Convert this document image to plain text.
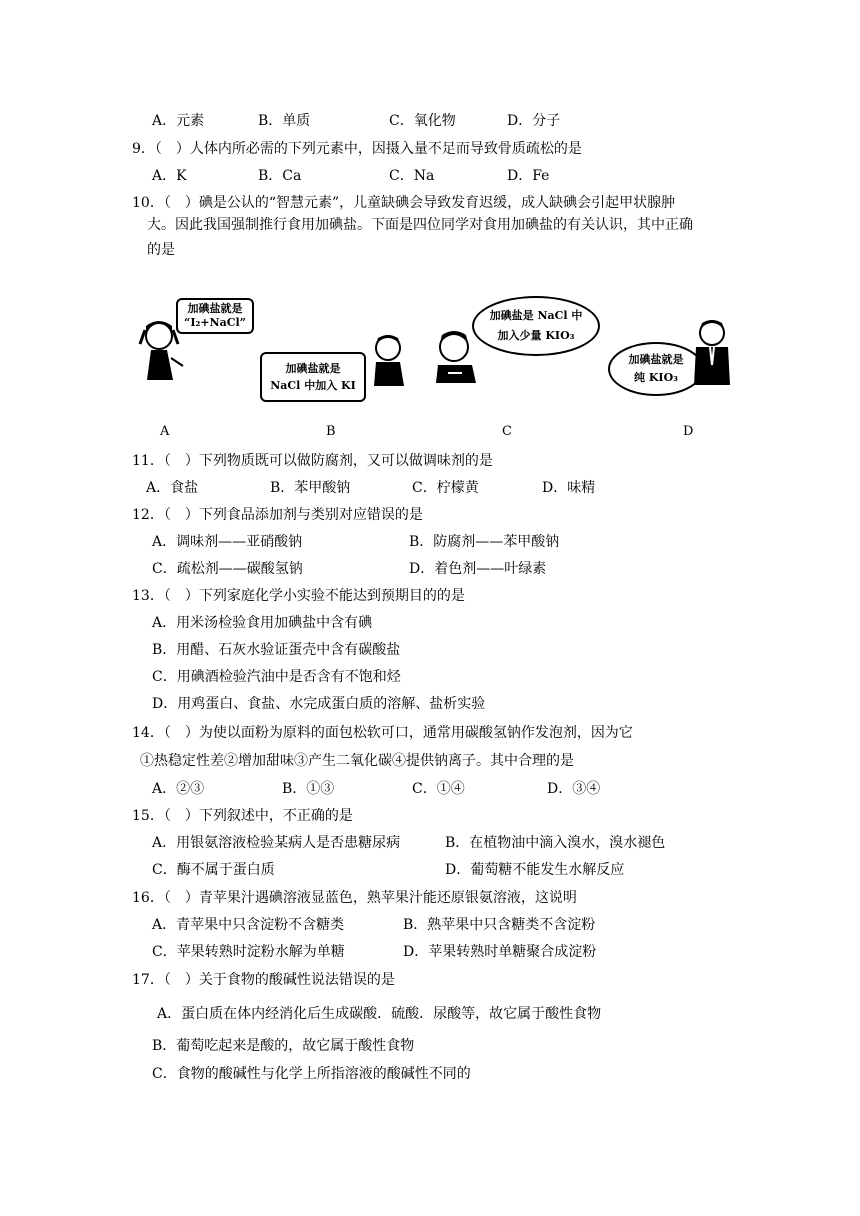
A．元素	B．单质	C．氧化物	D．分子
9．（　）人体内所必需的下列元素中，因摄入量不足而导致骨质疏松的是
A．K	B．Ca	C．Na	D．Fe
10．（　）碘是公认的“智慧元素”，儿童缺碘会导致发育迟缓，成人缺碘会引起甲状腺肿
大。因此我国强制推行食用加碘盐。下面是四位同学对食用加碘盐的有关认识，其中正确
的是
加碘盐就是
“I₂+NaCl”
加碘盐就是
NaCl 中加入 KI
加碘盐是 NaCl 中
加入少量 KIO₃
加碘盐就是
纯 KIO₃
A	B	C	D
11．（　）下列物质既可以做防腐剂，又可以做调味剂的是
A．食盐	B．苯甲酸钠	C．柠檬黄	D．味精
12．（　）下列食品添加剂与类别对应错误的是
A．调味剂——亚硝酸钠	B．防腐剂——苯甲酸钠
C．疏松剂——碳酸氢钠	D．着色剂——叶绿素
13．（　）下列家庭化学小实验不能达到预期目的的是
A．用米汤检验食用加碘盐中含有碘
B．用醋、石灰水验证蛋壳中含有碳酸盐
C．用碘酒检验汽油中是否含有不饱和烃
D．用鸡蛋白、食盐、水完成蛋白质的溶解、盐析实验
14．（　）为使以面粉为原料的面包松软可口，通常用碳酸氢钠作发泡剂，因为它
①热稳定性差②增加甜味③产生二氧化碳④提供钠离子。其中合理的是
A．②③	B．①③	C．①④	D．③④
15．（　）下列叙述中，不正确的是
A．用银氨溶液检验某病人是否患糖尿病	B．在植物油中滴入溴水，溴水褪色
C．酶不属于蛋白质	D．葡萄糖不能发生水解反应
16．（　）青苹果汁遇碘溶液显蓝色，熟苹果汁能还原银氨溶液，这说明
A．青苹果中只含淀粉不含糖类	B．熟苹果中只含糖类不含淀粉
C．苹果转熟时淀粉水解为单糖	D．苹果转熟时单糖聚合成淀粉
17．（　）关于食物的酸碱性说法错误的是
A．蛋白质在体内经消化后生成碳酸．硫酸．尿酸等，故它属于酸性食物
B．葡萄吃起来是酸的，故它属于酸性食物
C．食物的酸碱性与化学上所指溶液的酸碱性不同的
